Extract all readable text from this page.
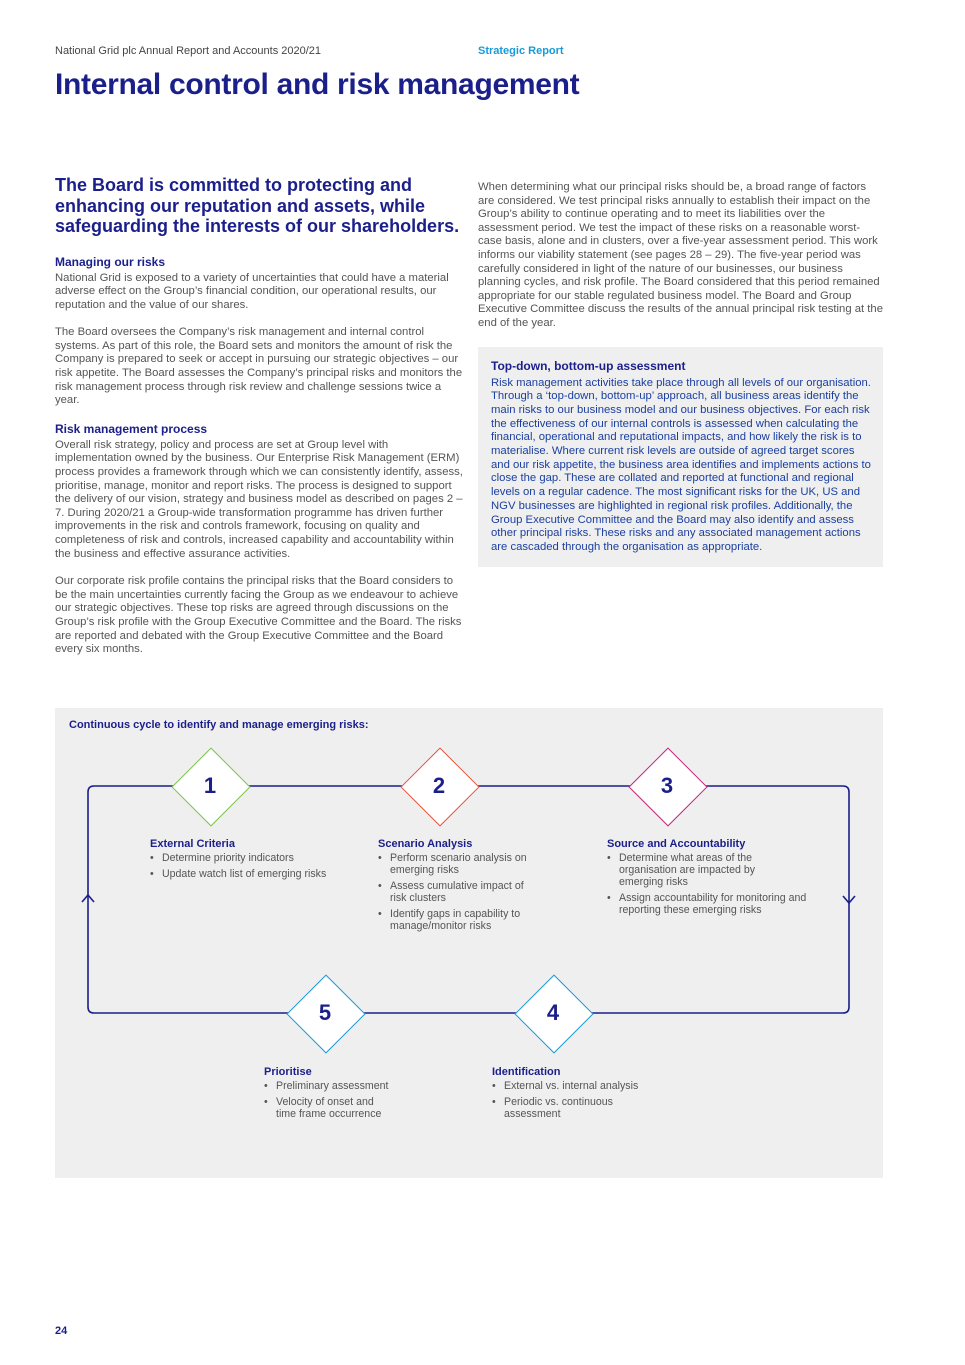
National Grid plc Annual Report and Accounts 2020/21	Strategic Report
Internal control and risk management

The Board is committed to protecting and enhancing our reputation and assets, while safeguarding the interests of our shareholders.

Managing our risks

National Grid is exposed to a variety of uncertainties that could have a material adverse effect on the Group’s financial condition, our operational results, our reputation and the value of our shares.

The Board oversees the Company’s risk management and internal control systems. As part of this role, the Board sets and monitors the amount of risk the Company is prepared to seek or accept in pursuing our strategic objectives – our risk appetite. The Board assesses the Company’s principal risks and monitors the risk management process through risk review and challenge sessions twice a year.

Risk management process

Overall risk strategy, policy and process are set at Group level with implementation owned by the business. Our Enterprise Risk Management (ERM) process provides a framework through which we can consistently identify, assess, prioritise, manage, monitor and report risks. The process is designed to support the delivery of our vision, strategy and business model as described on pages 2 – 7. During 2020/21 a Group-wide transformation programme has driven further improvements in the risk and controls framework, focusing on quality and completeness of risk and controls, increased capability and accountability within the business and effective assurance activities.

Our corporate risk profile contains the principal risks that the Board considers to be the main uncertainties currently facing the Group as we endeavour to achieve our strategic objectives. These top risks are agreed through discussions on the Group’s risk profile with the Group Executive Committee and the Board. The risks are reported and debated with the Group Executive Committee and the Board every six months.

When determining what our principal risks should be, a broad range of factors are considered. We test principal risks annually to establish their impact on the Group’s ability to continue operating and to meet its liabilities over the assessment period. We test the impact of these risks on a reasonable worst-case basis, alone and in clusters, over a five-year assessment period. This work informs our viability statement (see pages 28 – 29). The five-year period was carefully considered in light of the nature of our businesses, our business planning cycles, and risk profile. The Board considered that this period remained appropriate for our stable regulated business model. The Board and Group Executive Committee discuss the results of the annual principal risk testing at the end of the year.

Top-down, bottom-up assessment

Risk management activities take place through all levels of our organisation. Through a ‘top-down, bottom-up’ approach, all business areas identify the main risks to our business model and our business objectives. For each risk the effectiveness of our internal controls is assessed when calculating the financial, operational and reputational impacts, and how likely the risk is to materialise. Where current risk levels are outside of agreed target scores and our risk appetite, the business area identifies and implements actions to close the gap. These are collated and reported at functional and regional levels on a regular cadence. The most significant risks for the UK, US and NGV businesses are highlighted in regional risk profiles. Additionally, the Group Executive Committee and the Board may also identify and assess other principal risks. These risks and any associated management actions are cascaded through the organisation as appropriate.

Continuous cycle to identify and manage emerging risks:
1	2	3
5	4
External Criteria
• Determine priority indicators
• Update watch list of emerging risks
Scenario Analysis
• Perform scenario analysis on emerging risks
• Assess cumulative impact of risk clusters
• Identify gaps in capability to manage/monitor risks
Source and Accountability
• Determine what areas of the organisation are impacted by emerging risks
• Assign accountability for monitoring and reporting these emerging risks
Prioritise
• Preliminary assessment
• Velocity of onset and time frame occurrence
Identification
• External vs. internal analysis
• Periodic vs. continuous assessment
24
